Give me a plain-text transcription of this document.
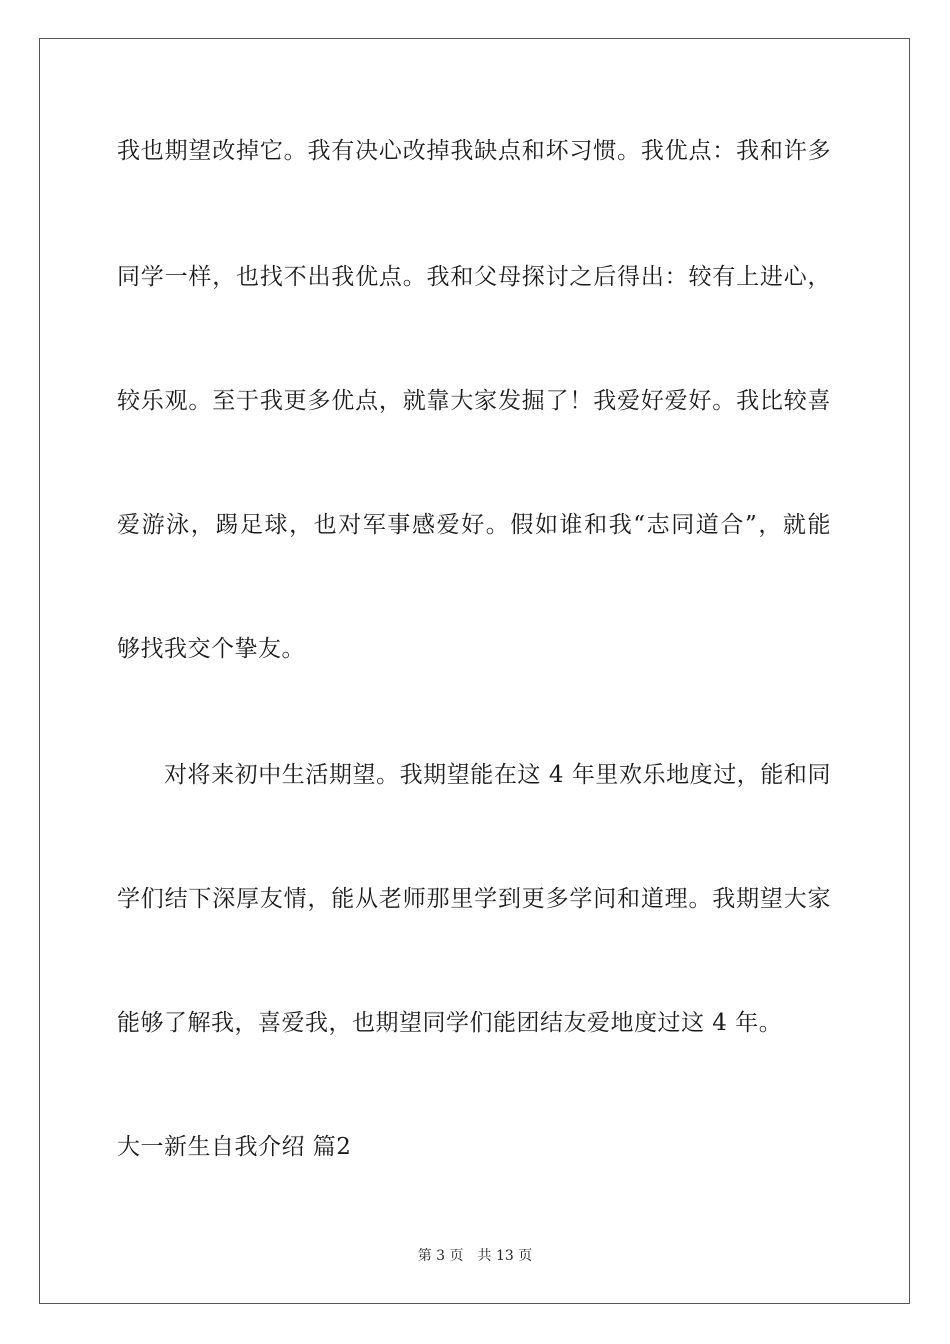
我也期望改掉它。我有决心改掉我缺点和坏习惯。我优点：我和许多
同学一样，也找不出我优点。我和父母探讨之后得出：较有上进心，
较乐观。至于我更多优点，就靠大家发掘了！我爱好爱好。我比较喜
爱游泳，踢足球，也对军事感爱好。假如谁和我“志同道合”，就能
够找我交个挚友。
对将来初中生活期望。我期望能在这 4 年里欢乐地度过，能和同
学们结下深厚友情，能从老师那里学到更多学问和道理。我期望大家
能够了解我，喜爱我，也期望同学们能团结友爱地度过这 4 年。
大一新生自我介绍 篇2
第 3 页 共 13 页
